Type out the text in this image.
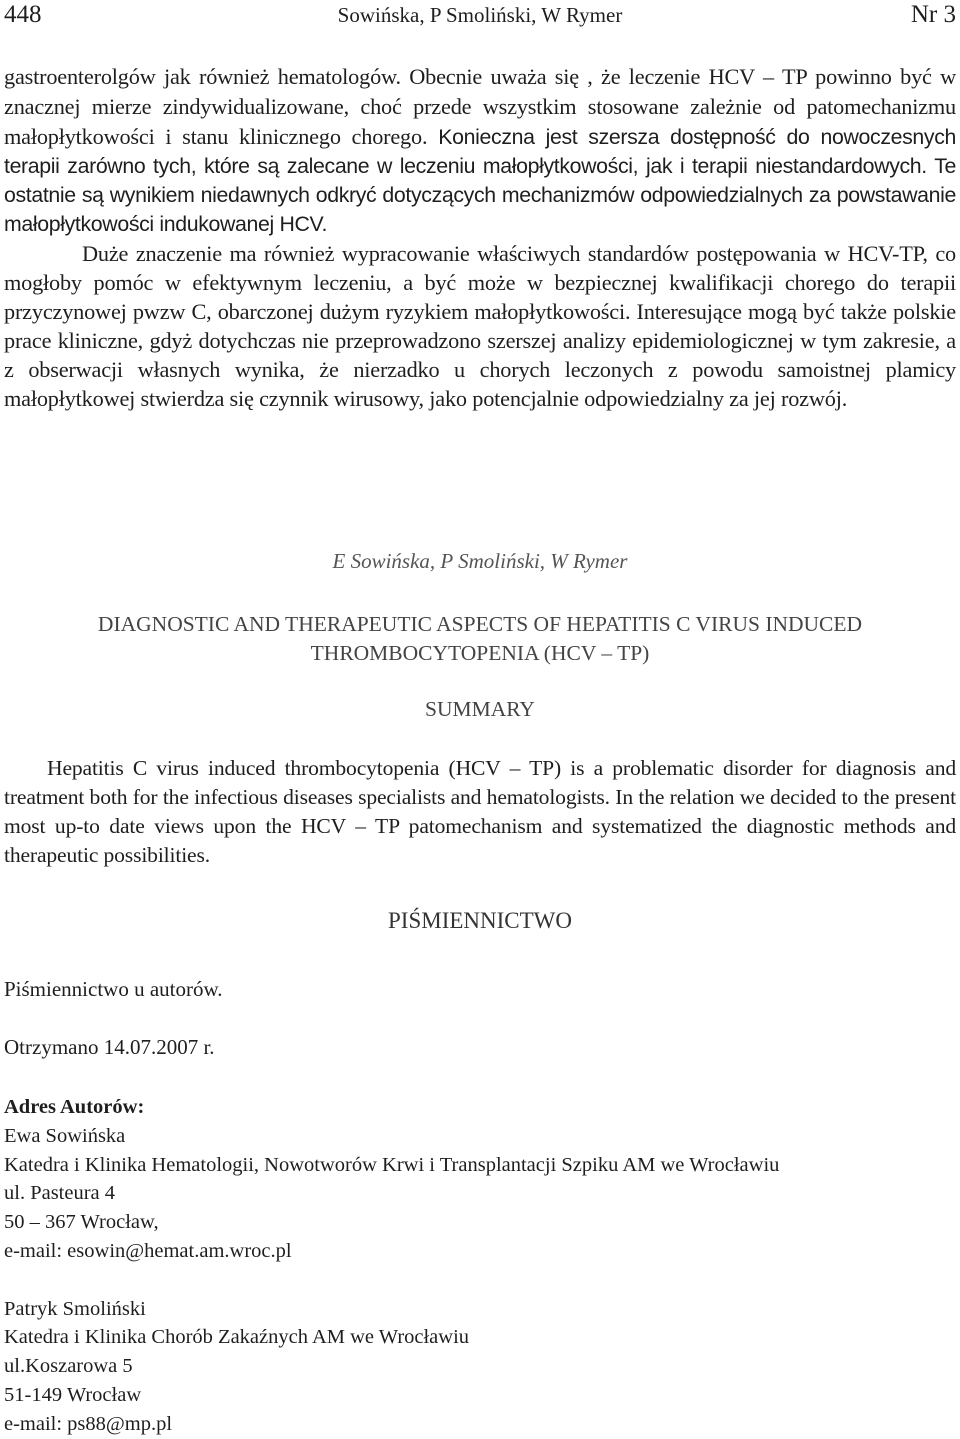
448	Sowińska, P Smoliński, W Rymer	Nr 3

gastroenterolgów jak również hematologów. Obecnie uważa się , że leczenie HCV – TP powinno być w znacznej mierze zindywidualizowane, choć przede wszystkim stosowane zależnie od patomechanizmu małopłytkowości i stanu klinicznego chorego. Konieczna jest szersza dostępność do nowoczesnych terapii zarówno tych, które są zalecane w leczeniu małopłytkowości, jak i terapii niestandardowych. Te ostatnie są wynikiem niedawnych odkryć dotyczących mechanizmów odpowiedzialnych za powstawanie małopłytkowości indukowanej HCV.

Duże znaczenie ma również wypracowanie właściwych standardów postępowania w HCV-TP, co mogłoby pomóc w efektywnym leczeniu, a być może w bezpiecznej kwalifikacji chorego do terapii przyczynowej pwzw C, obarczonej dużym ryzykiem małopłytkowości. Interesujące mogą być także polskie prace kliniczne, gdyż dotychczas nie przeprowadzono szerszej analizy epidemiologicznej w tym zakresie, a z obserwacji własnych wynika, że nierzadko u chorych leczonych z powodu samoistnej plamicy małopłytkowej stwierdza się czynnik wirusowy, jako potencjalnie odpowiedzialny za jej rozwój.

E Sowińska, P Smoliński, W Rymer
DIAGNOSTIC AND THERAPEUTIC ASPECTS OF HEPATITIS C VIRUS INDUCED
THROMBOCYTOPENIA (HCV – TP)
SUMMARY

Hepatitis C virus induced thrombocytopenia (HCV – TP) is a problematic disorder for diagnosis and treatment both for the infectious diseases specialists and hematologists. In the relation we decided to the present most up-to date views upon the HCV – TP patomechanism and systematized the diagnostic methods and therapeutic possibilities.

PIŚMIENNICTWO
Piśmiennictwo u autorów.
Otrzymano 14.07.2007 r.
Adres Autorów:
Ewa Sowińska
Katedra i Klinika Hematologii, Nowotworów Krwi i Transplantacji Szpiku AM we Wrocławiu
ul. Pasteura 4
50 – 367 Wrocław,
e-mail: esowin@hemat.am.wroc.pl
Patryk Smoliński
Katedra i Klinika Chorób Zakaźnych AM we Wrocławiu
ul.Koszarowa 5
51-149 Wrocław
e-mail: ps88@mp.pl
